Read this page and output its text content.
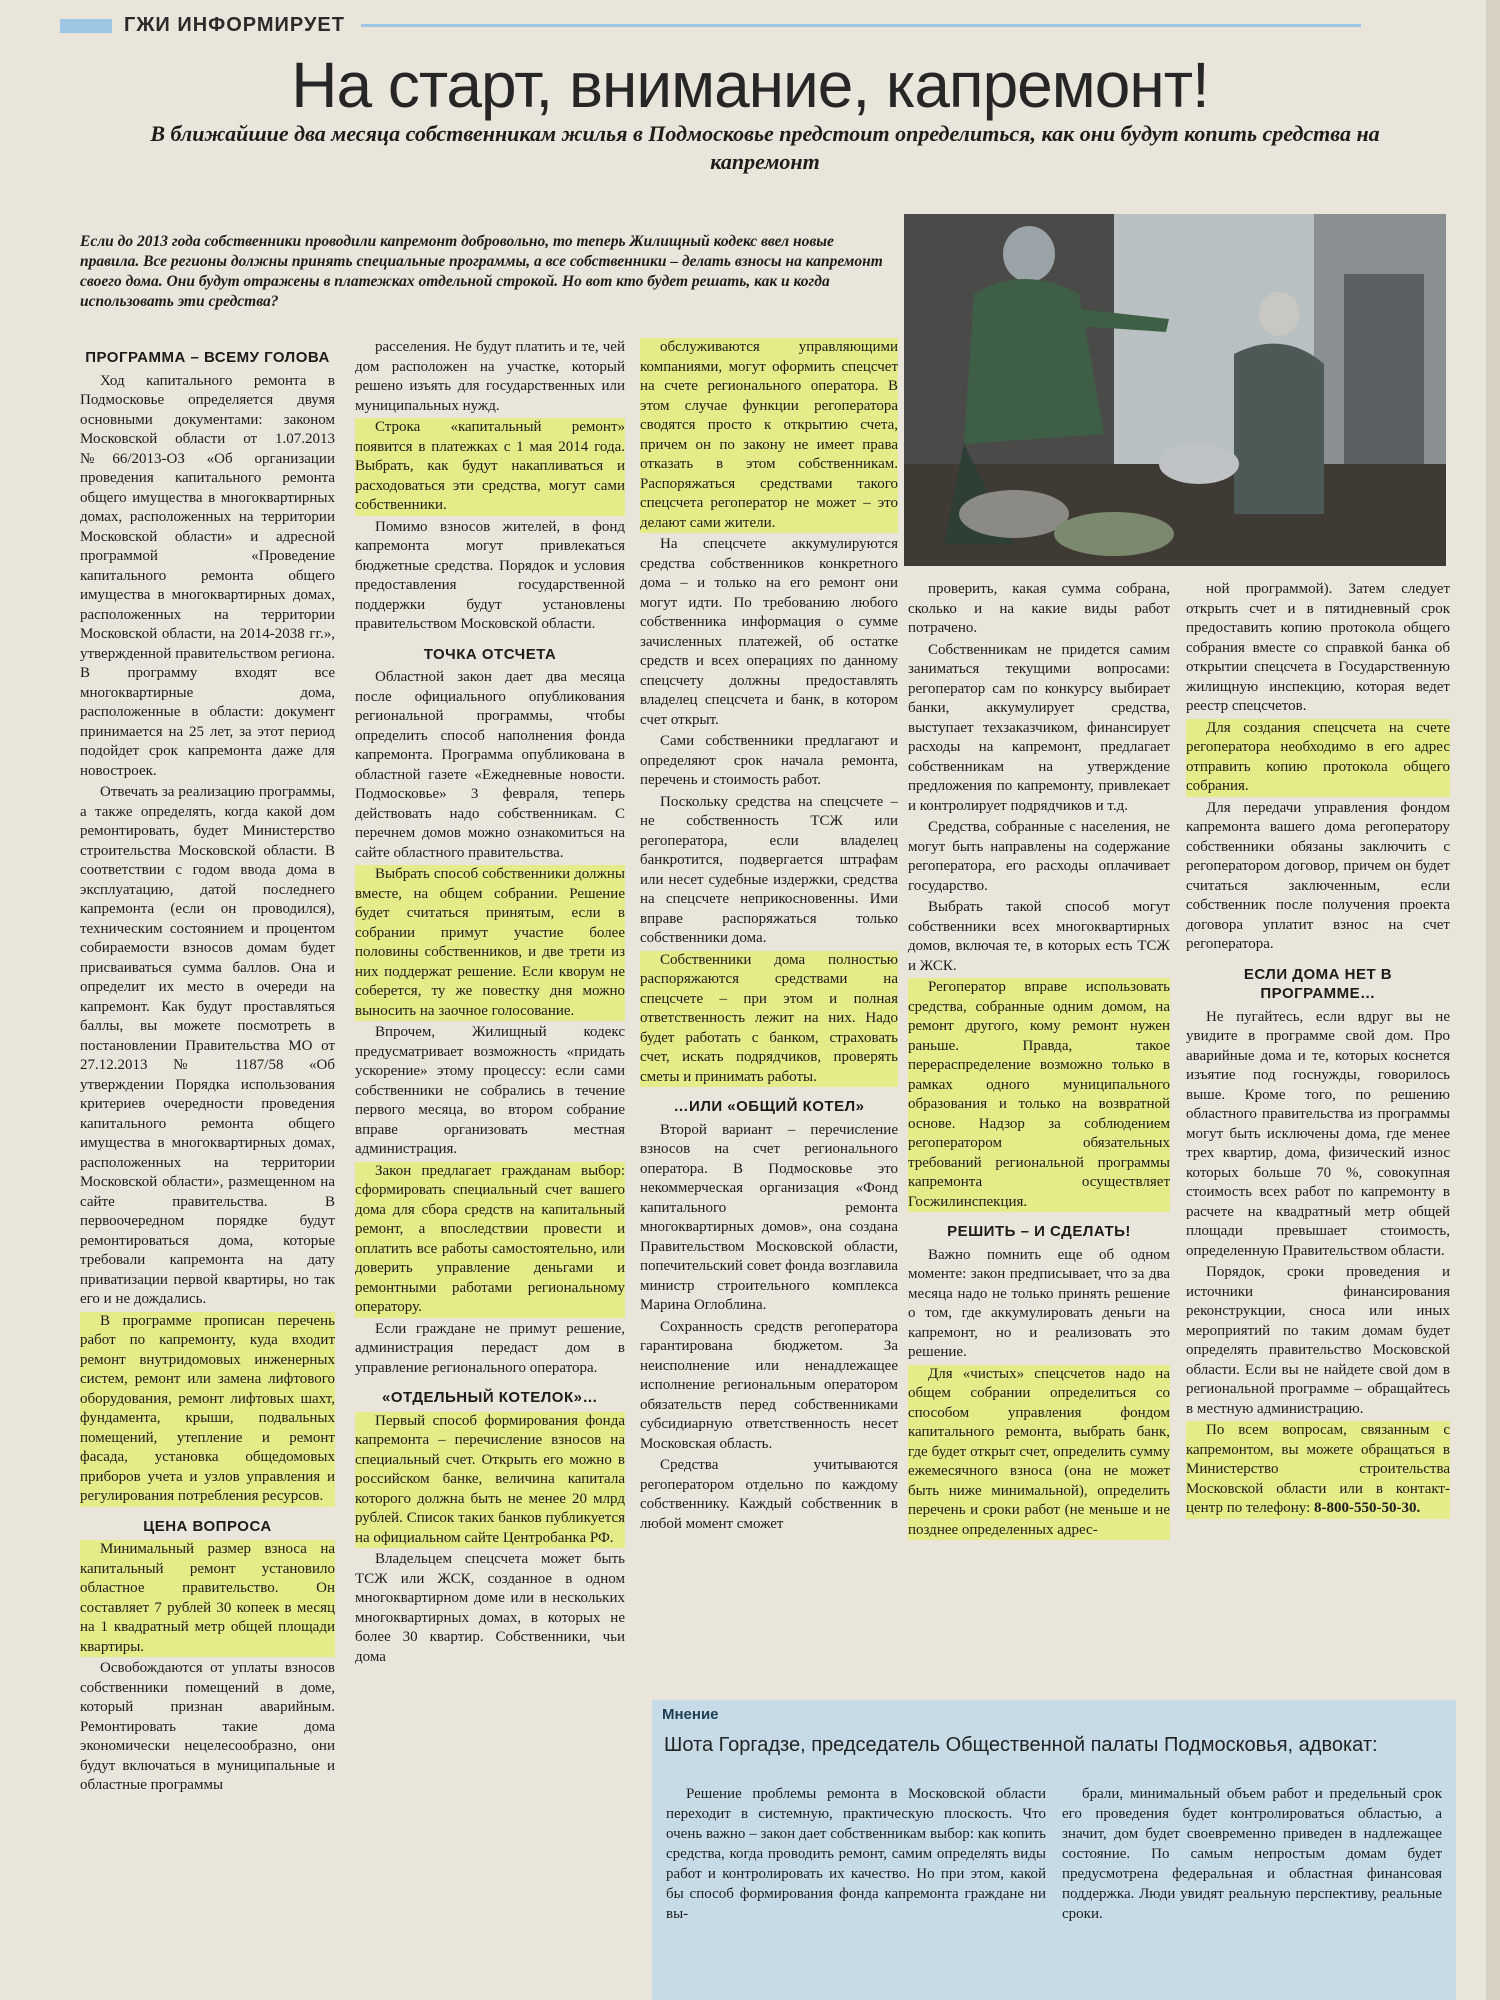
ГЖИ ИНФОРМИРУЕТ
На старт, внимание, капремонт!
В ближайшие два месяца собственникам жилья в Подмосковье предстоит определиться, как они будут копить средства на капремонт
Если до 2013 года собственники проводили капремонт добровольно, то теперь Жилищный кодекс ввел новые правила. Все регионы должны принять специальные программы, а все собственники – делать взносы на капремонт своего дома. Они будут отражены в платежках отдельной строкой. Но вот кто будет решать, как и когда использовать эти средства?
ПРОГРАММА – ВСЕМУ ГОЛОВА

Ход капитального ремонта в Подмосковье определяется двумя основными документами: законом Московской области от 1.07.2013 №66/2013-ОЗ «Об организации проведения капитального ремонта общего имущества в многоквартирных домах, расположенных на территории Московской области» и адресной программой «Проведение капитального ремонта общего имущества в многоквартирных домах, расположенных на территории Московской области, на 2014-2038 гг.», утвержденной правительством региона. В программу входят все многоквартирные дома, расположенные в области: документ принимается на 25 лет, за этот период подойдет срок капремонта даже для новостроек.

Отвечать за реализацию программы, а также определять, когда какой дом ремонтировать, будет Министерство строительства Московской области. В соответствии с годом ввода дома в эксплуатацию, датой последнего капремонта (если он проводился), техническим состоянием и процентом собираемости взносов домам будет присваиваться сумма баллов. Она и определит их место в очереди на капремонт. Как будут проставляться баллы, вы можете посмотреть в постановлении Правительства МО от 27.12.2013 № 1187/58 «Об утверждении Порядка использования критериев очередности проведения капитального ремонта общего имущества в многоквартирных домах, расположенных на территории Московской области», размещенном на сайте правительства. В первоочередном порядке будут ремонтироваться дома, которые требовали капремонта на дату приватизации первой квартиры, но так его и не дождались.

В программе прописан перечень работ по капремонту, куда входит ремонт внутридомовых инженерных систем, ремонт или замена лифтового оборудования, ремонт лифтовых шахт, фундамента, крыши, подвальных помещений, утепление и ремонт фасада, установка общедомовых приборов учета и узлов управления и регулирования потребления ресурсов.

ЦЕНА ВОПРОСА

Минимальный размер взноса на капитальный ремонт установило областное правительство. Он составляет 7 рублей 30 копеек в месяц на 1 квадратный метр общей площади квартиры.

Освобождаются от уплаты взносов собственники помещений в доме, который признан аварийным. Ремонтировать такие дома экономически нецелесообразно, они будут включаться в муниципальные и областные программы

расселения. Не будут платить и те, чей дом расположен на участке, который решено изъять для государственных или муниципальных нужд.

Строка «капитальный ремонт» появится в платежках с 1 мая 2014 года. Выбрать, как будут накапливаться и расходоваться эти средства, могут сами собственники.

Помимо взносов жителей, в фонд капремонта могут привлекаться бюджетные средства. Порядок и условия предоставления государственной поддержки будут установлены правительством Московской области.

ТОЧКА ОТСЧЕТА

Областной закон дает два месяца после официального опубликования региональной программы, чтобы определить способ наполнения фонда капремонта. Программа опубликована в областной газете «Ежедневные новости. Подмосковье» 3 февраля, теперь действовать надо собственникам. С перечнем домов можно ознакомиться на сайте областного правительства.

Выбрать способ собственники должны вместе, на общем собрании. Решение будет считаться принятым, если в собрании примут участие более половины собственников, и две трети из них поддержат решение. Если кворум не соберется, ту же повестку дня можно выносить на заочное голосование.

Впрочем, Жилищный кодекс предусматривает возможность «придать ускорение» этому процессу: если сами собственники не собрались в течение первого месяца, во втором собрание вправе организовать местная администрация.

Закон предлагает гражданам выбор: сформировать специальный счет вашего дома для сбора средств на капитальный ремонт, а впоследствии провести и оплатить все работы самостоятельно, или доверить управление деньгами и ремонтными работами региональному оператору.

Если граждане не примут решение, администрация передаст дом в управление регионального оператора.

«ОТДЕЛЬНЫЙ КОТЕЛОК»…

Первый способ формирования фонда капремонта – перечисление взносов на специальный счет. Открыть его можно в российском банке, величина капитала которого должна быть не менее 20 млрд рублей. Список таких банков публикуется на официальном сайте Центробанка РФ.

Владельцем спецсчета может быть ТСЖ или ЖСК, созданное в одном многоквартирном доме или в нескольких многоквартирных домах, в которых не более 30 квартир. Собственники, чьи дома

обслуживаются управляющими компаниями, могут оформить спецсчет на счете регионального оператора. В этом случае функции регоператора сводятся просто к открытию счета, причем он по закону не имеет права отказать в этом собственникам. Распоряжаться средствами такого спецсчета регоператор не может – это делают сами жители.

На спецсчете аккумулируются средства собственников конкретного дома – и только на его ремонт они могут идти. По требованию любого собственника информация о сумме зачисленных платежей, об остатке средств и всех операциях по данному спецсчету должны предоставлять владелец спецсчета и банк, в котором счет открыт.

Сами собственники предлагают и определяют срок начала ремонта, перечень и стоимость работ.

Поскольку средства на спецсчете – не собственность ТСЖ или регоператора, если владелец банкротится, подвергается штрафам или несет судебные издержки, средства на спецсчете неприкосновенны. Ими вправе распоряжаться только собственники дома.

Собственники дома полностью распоряжаются средствами на спецсчете – при этом и полная ответственность лежит на них. Надо будет работать с банком, страховать счет, искать подрядчиков, проверять сметы и принимать работы.

…ИЛИ «ОБЩИЙ КОТЕЛ»

Второй вариант – перечисление взносов на счет регионального оператора. В Подмосковье это некоммерческая организация «Фонд капитального ремонта многоквартирных домов», она создана Правительством Московской области, попечительский совет фонда возглавила министр строительного комплекса Марина Оглоблина.

Сохранность средств регоператора гарантирована бюджетом. За неисполнение или ненадлежащее исполнение региональным оператором обязательств перед собственниками субсидиарную ответственность несет Московская область.

Средства учитываются регоператором отдельно по каждому собственнику. Каждый собственник в любой момент сможет

проверить, какая сумма собрана, сколько и на какие виды работ потрачено.

Собственникам не придется самим заниматься текущими вопросами: регоператор сам по конкурсу выбирает банки, аккумулирует средства, выступает техзаказчиком, финансирует расходы на капремонт, предлагает собственникам на утверждение предложения по капремонту, привлекает и контролирует подрядчиков и т.д.

Средства, собранные с населения, не могут быть направлены на содержание регоператора, его расходы оплачивает государство.

Выбрать такой способ могут собственники всех многоквартирных домов, включая те, в которых есть ТСЖ и ЖСК.

Регоператор вправе использовать средства, собранные одним домом, на ремонт другого, кому ремонт нужен раньше. Правда, такое перераспределение возможно только в рамках одного муниципального образования и только на возвратной основе. Надзор за соблюдением регоператором обязательных требований региональной программы капремонта осуществляет Госжилинспекция.

РЕШИТЬ – И СДЕЛАТЬ!

Важно помнить еще об одном моменте: закон предписывает, что за два месяца надо не только принять решение о том, где аккумулировать деньги на капремонт, но и реализовать это решение.

Для «чистых» спецсчетов надо на общем собрании определиться со способом управления фондом капитального ремонта, выбрать банк, где будет открыт счет, определить сумму ежемесячного взноса (она не может быть ниже минимальной), определить перечень и сроки работ (не меньше и не позднее определенных адрес-

ной программой). Затем следует открыть счет и в пятидневный срок предоставить копию протокола общего собрания вместе со справкой банка об открытии спецсчета в Государственную жилищную инспекцию, которая ведет реестр спецсчетов.

Для создания спецсчета на счете регоператора необходимо в его адрес отправить копию протокола общего собрания.

Для передачи управления фондом капремонта вашего дома регоператору собственники обязаны заключить с регоператором договор, причем он будет считаться заключенным, если собственник после получения проекта договора уплатит взнос на счет регоператора.

ЕСЛИ ДОМА НЕТ В ПРОГРАММЕ…

Не пугайтесь, если вдруг вы не увидите в программе свой дом. Про аварийные дома и те, которых коснется изъятие под госнужды, говорилось выше. Кроме того, по решению областного правительства из программы могут быть исключены дома, где менее трех квартир, дома, физический износ которых больше 70 %, совокупная стоимость всех работ по капремонту в расчете на квадратный метр общей площади превышает стоимость, определенную Правительством области.

Порядок, сроки проведения и источники финансирования реконструкции, сноса или иных мероприятий по таким домам будет определять правительство Московской области. Если вы не найдете свой дом в региональной программе – обращайтесь в местную администрацию.

По всем вопросам, связанным с капремонтом, вы можете обращаться в Министерство строительства Московской области или в контакт-центр по телефону: 8-800-550-50-30.

Мнение
Шота Горгадзе, председатель Общественной палаты Подмосковья, адвокат:

Решение проблемы ремонта в Московской области переходит в системную, практическую плоскость. Что очень важно – закон дает собственникам выбор: как копить средства, когда проводить ремонт, самим определять виды работ и контролировать их качество. Но при этом, какой бы способ формирования фонда капремонта граждане ни вы-

брали, минимальный объем работ и предельный срок его проведения будет контролироваться областью, а значит, дом будет своевременно приведен в надлежащее состояние. По самым непростым домам будет предусмотрена федеральная и областная финансовая поддержка. Люди увидят реальную перспективу, реальные сроки.
